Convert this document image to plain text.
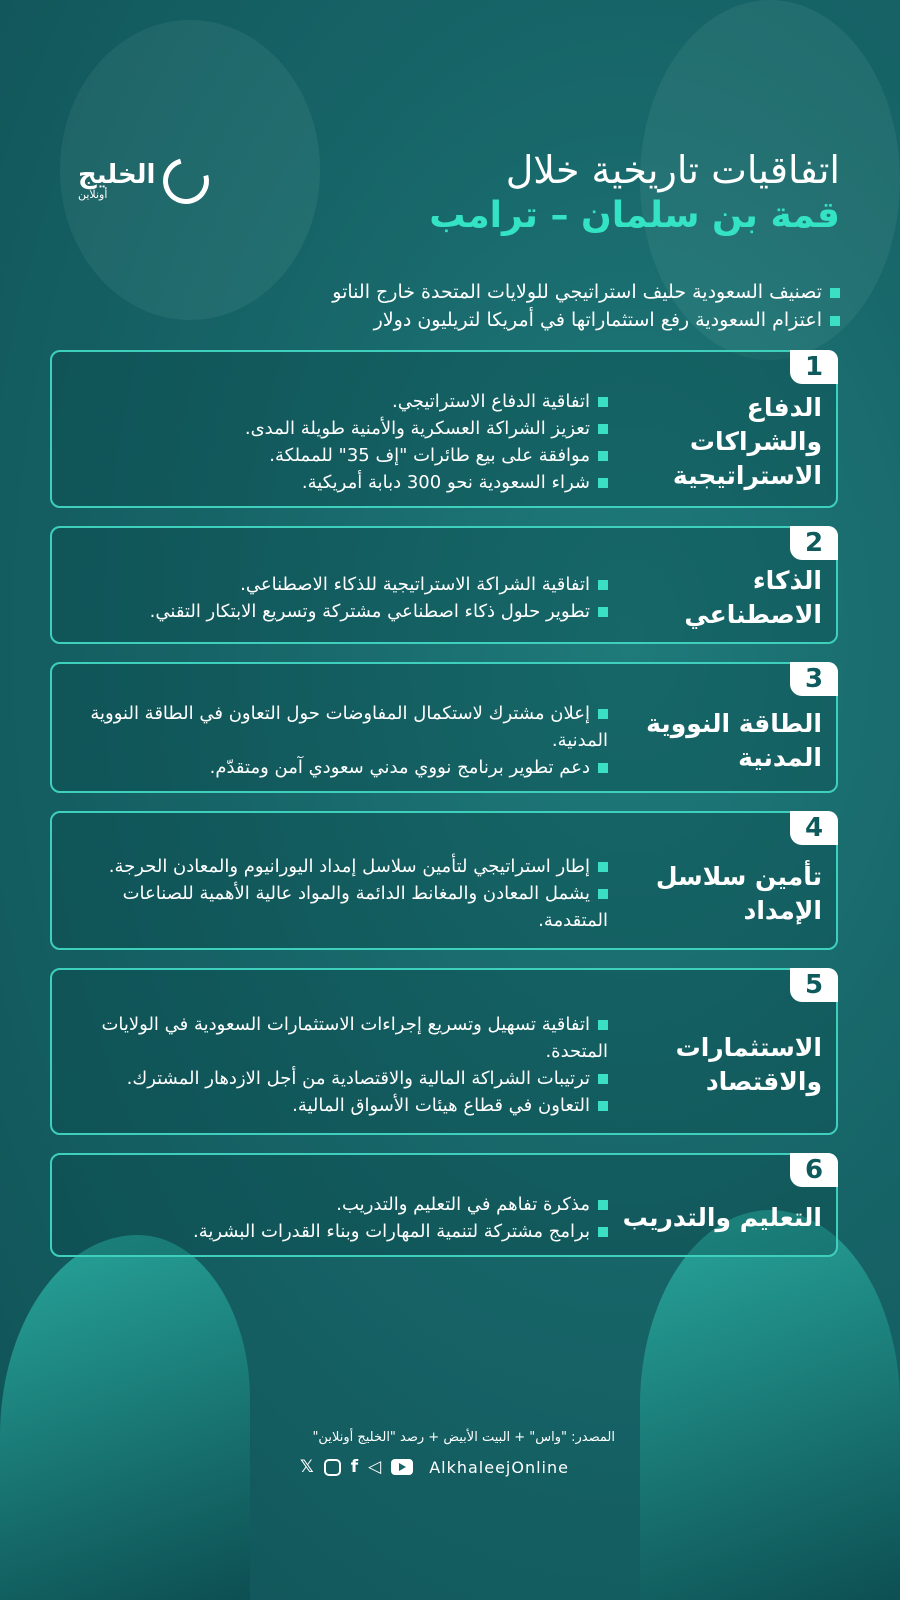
الخليج
أونلاين
اتفاقيات تاريخية خلال
قمة بن سلمان – ترامب
تصنيف السعودية حليف استراتيجي للولايات المتحدة خارج الناتو
اعتزام السعودية رفع استثماراتها في أمريكا لتريليون دولار
1
الدفاع والشراكات الاستراتيجية
اتفاقية الدفاع الاستراتيجي.
تعزيز الشراكة العسكرية والأمنية طويلة المدى.
موافقة على بيع طائرات "إف 35" للمملكة.
شراء السعودية نحو 300 دبابة أمريكية.
2
الذكاء الاصطناعي
اتفاقية الشراكة الاستراتيجية للذكاء الاصطناعي.
تطوير حلول ذكاء اصطناعي مشتركة وتسريع الابتكار التقني.
3
الطاقة النووية المدنية
إعلان مشترك لاستكمال المفاوضات حول التعاون في الطاقة النووية المدنية.
دعم تطوير برنامج نووي مدني سعودي آمن ومتقدّم.
4
تأمين سلاسل الإمداد
إطار استراتيجي لتأمين سلاسل إمداد اليورانيوم والمعادن الحرجة.
يشمل المعادن والمغانط الدائمة والمواد عالية الأهمية للصناعات المتقدمة.
5
الاستثمارات والاقتصاد
اتفاقية تسهيل وتسريع إجراءات الاستثمارات السعودية في الولايات المتحدة.
ترتيبات الشراكة المالية والاقتصادية من أجل الازدهار المشترك.
التعاون في قطاع هيئات الأسواق المالية.
6
التعليم والتدريب
مذكرة تفاهم في التعليم والتدريب.
برامج مشتركة لتنمية المهارات وبناء القدرات البشرية.
المصدر: "واس" + البيت الأبيض + رصد "الخليج أونلاين"
𝕏 f ◁	AlkhaleejOnline
